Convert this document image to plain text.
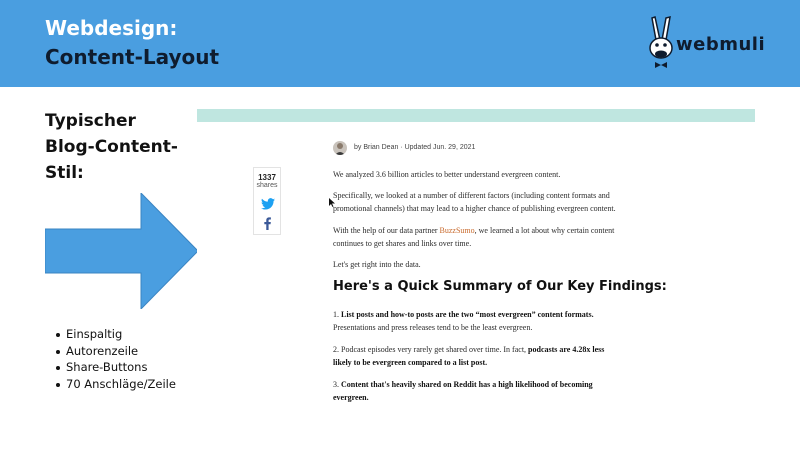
Webdesign:
Content-Layout
webmuli
Typischer
Blog-Content-
Stil:
Einspaltig
Autorenzeile
Share-Buttons
70 Anschläge/Zeile
1337
shares
by Brian Dean · Updated Jun. 29, 2021
We analyzed 3.6 billion articles to better understand evergreen content.
Specifically, we looked at a number of different factors (including content formats and
promotional channels) that may lead to a higher chance of publishing evergreen content.
With the help of our data partner BuzzSumo, we learned a lot about why certain content
continues to get shares and links over time.
Let's get right into the data.
Here's a Quick Summary of Our Key Findings:
1. List posts and how-to posts are the two “most evergreen” content formats.
Presentations and press releases tend to be the least evergreen.
2. Podcast episodes very rarely get shared over time. In fact, podcasts are 4.28x less
likely to be evergreen compared to a list post.
3. Content that's heavily shared on Reddit has a high likelihood of becoming
evergreen.
